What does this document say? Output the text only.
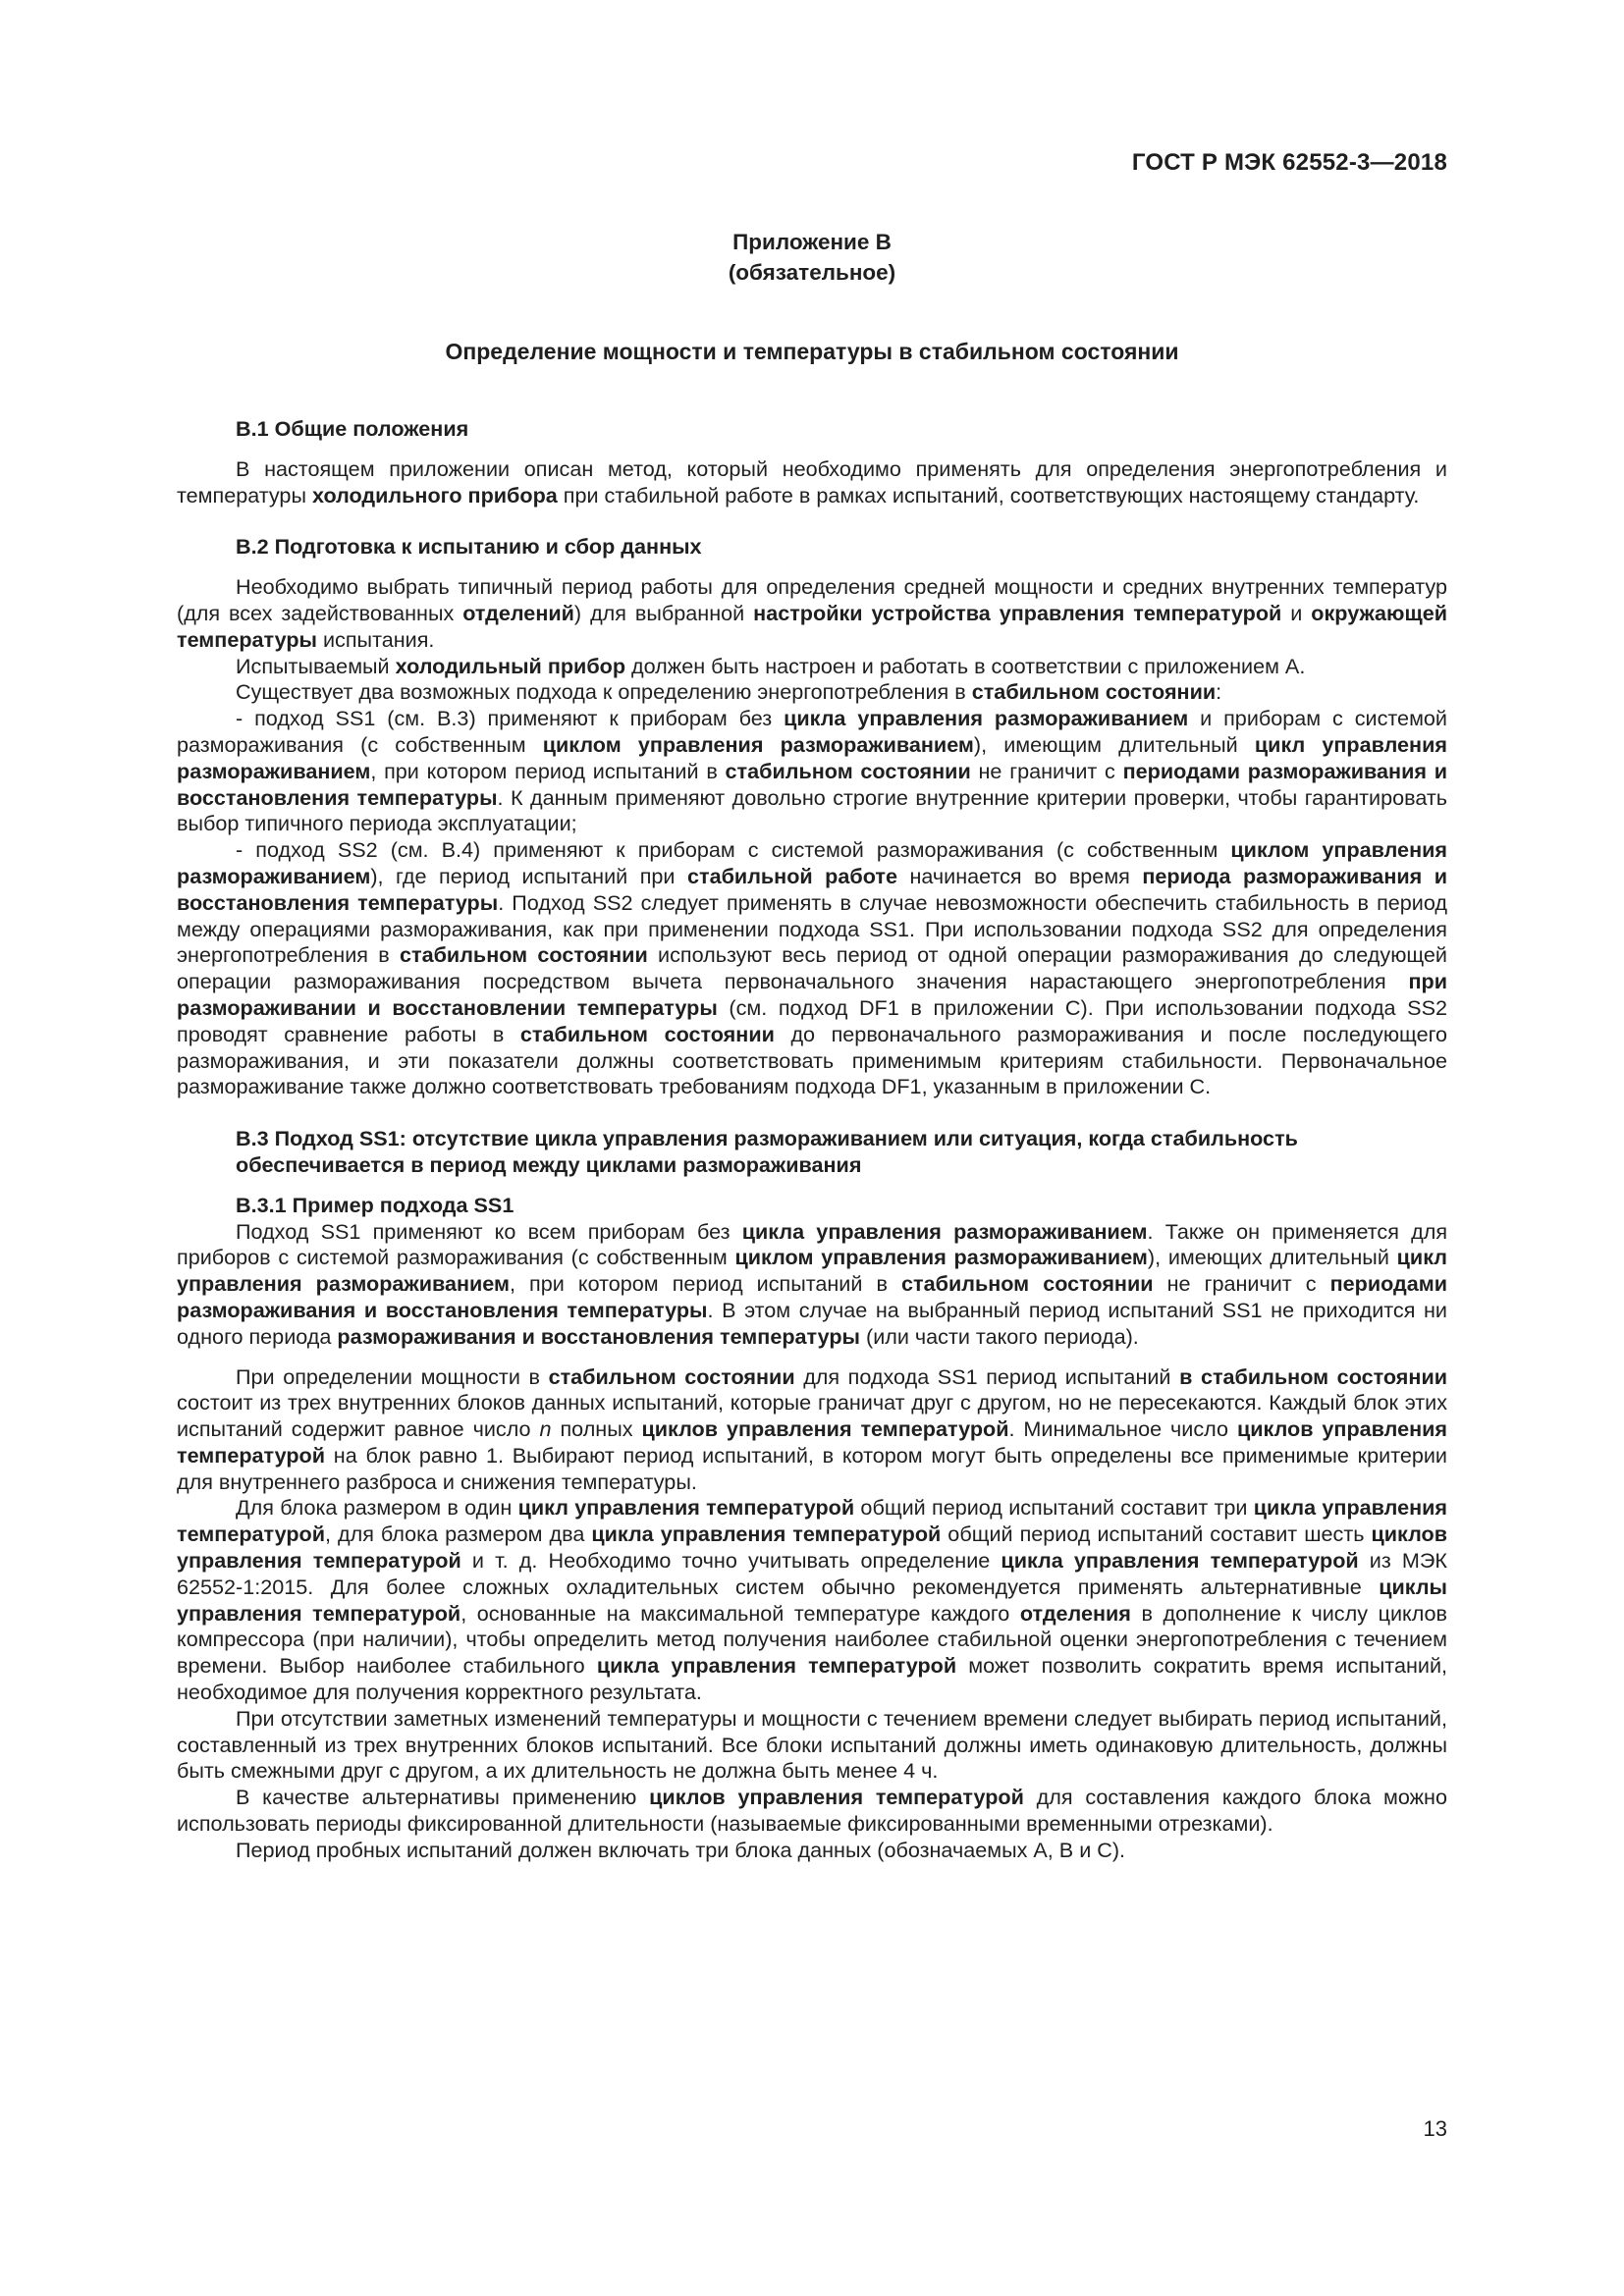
ГОСТ Р МЭК 62552-3—2018
Приложение В
(обязательное)
Определение мощности и температуры в стабильном состоянии
В.1 Общие положения

В настоящем приложении описан метод, который необходимо применять для определения энергопотребления и температуры холодильного прибора при стабильной работе в рамках испытаний, соответствующих настоящему стандарту.

В.2 Подготовка к испытанию и сбор данных

Необходимо выбрать типичный период работы для определения средней мощности и средних внутренних температур (для всех задействованных отделений) для выбранной настройки устройства управления температурой и окружающей температуры испытания.

Испытываемый холодильный прибор должен быть настроен и работать в соответствии с приложением А.

Существует два возможных подхода к определению энергопотребления в стабильном состоянии:

- подход SS1 (см. В.3) применяют к приборам без цикла управления размораживанием и приборам с системой размораживания (с собственным циклом управления размораживанием), имеющим длительный цикл управления размораживанием, при котором период испытаний в стабильном состоянии не граничит с периодами размораживания и восстановления температуры. К данным применяют довольно строгие внутренние критерии проверки, чтобы гарантировать выбор типичного периода эксплуатации;

- подход SS2 (см. В.4) применяют к приборам с системой размораживания (с собственным циклом управления размораживанием), где период испытаний при стабильной работе начинается во время периода размораживания и восстановления температуры. Подход SS2 следует применять в случае невозможности обеспечить стабильность в период между операциями размораживания, как при применении подхода SS1. При использовании подхода SS2 для определения энергопотребления в стабильном состоянии используют весь период от одной операции размораживания до следующей операции размораживания посредством вычета первоначального значения нарастающего энергопотребления при размораживании и восстановлении температуры (см. подход DF1 в приложении С). При использовании подхода SS2 проводят сравнение работы в стабильном состоянии до первоначального размораживания и после последующего размораживания, и эти показатели должны соответствовать применимым критериям стабильности. Первоначальное размораживание также должно соответствовать требованиям подхода DF1, указанным в приложении С.

В.3 Подход SS1: отсутствие цикла управления размораживанием или ситуация, когда стабильность
обеспечивается в период между циклами размораживания
В.3.1 Пример подхода SS1

Подход SS1 применяют ко всем приборам без цикла управления размораживанием. Также он применяется для приборов с системой размораживания (с собственным циклом управления размораживанием), имеющих длительный цикл управления размораживанием, при котором период испытаний в стабильном состоянии не граничит с периодами размораживания и восстановления температуры. В этом случае на выбранный период испытаний SS1 не приходится ни одного периода размораживания и восстановления температуры (или части такого периода).

При определении мощности в стабильном состоянии для подхода SS1 период испытаний в стабильном состоянии состоит из трех внутренних блоков данных испытаний, которые граничат друг с другом, но не пересекаются. Каждый блок этих испытаний содержит равное число n полных циклов управления температурой. Минимальное число циклов управления температурой на блок равно 1. Выбирают период испытаний, в котором могут быть определены все применимые критерии для внутреннего разброса и снижения температуры.

Для блока размером в один цикл управления температурой общий период испытаний составит три цикла управления температурой, для блока размером два цикла управления температурой общий период испытаний составит шесть циклов управления температурой и т. д. Необходимо точно учитывать определение цикла управления температурой из МЭК 62552-1:2015. Для более сложных охладительных систем обычно рекомендуется применять альтернативные циклы управления температурой, основанные на максимальной температуре каждого отделения в дополнение к числу циклов компрессора (при наличии), чтобы определить метод получения наиболее стабильной оценки энергопотребления с течением времени. Выбор наиболее стабильного цикла управления температурой может позволить сократить время испытаний, необходимое для получения корректного результата.

При отсутствии заметных изменений температуры и мощности с течением времени следует выбирать период испытаний, составленный из трех внутренних блоков испытаний. Все блоки испытаний должны иметь одинаковую длительность, должны быть смежными друг с другом, а их длительность не должна быть менее 4 ч.

В качестве альтернативы применению циклов управления температурой для составления каждого блока можно использовать периоды фиксированной длительности (называемые фиксированными временными отрезками).

Период пробных испытаний должен включать три блока данных (обозначаемых А, В и С).

13
